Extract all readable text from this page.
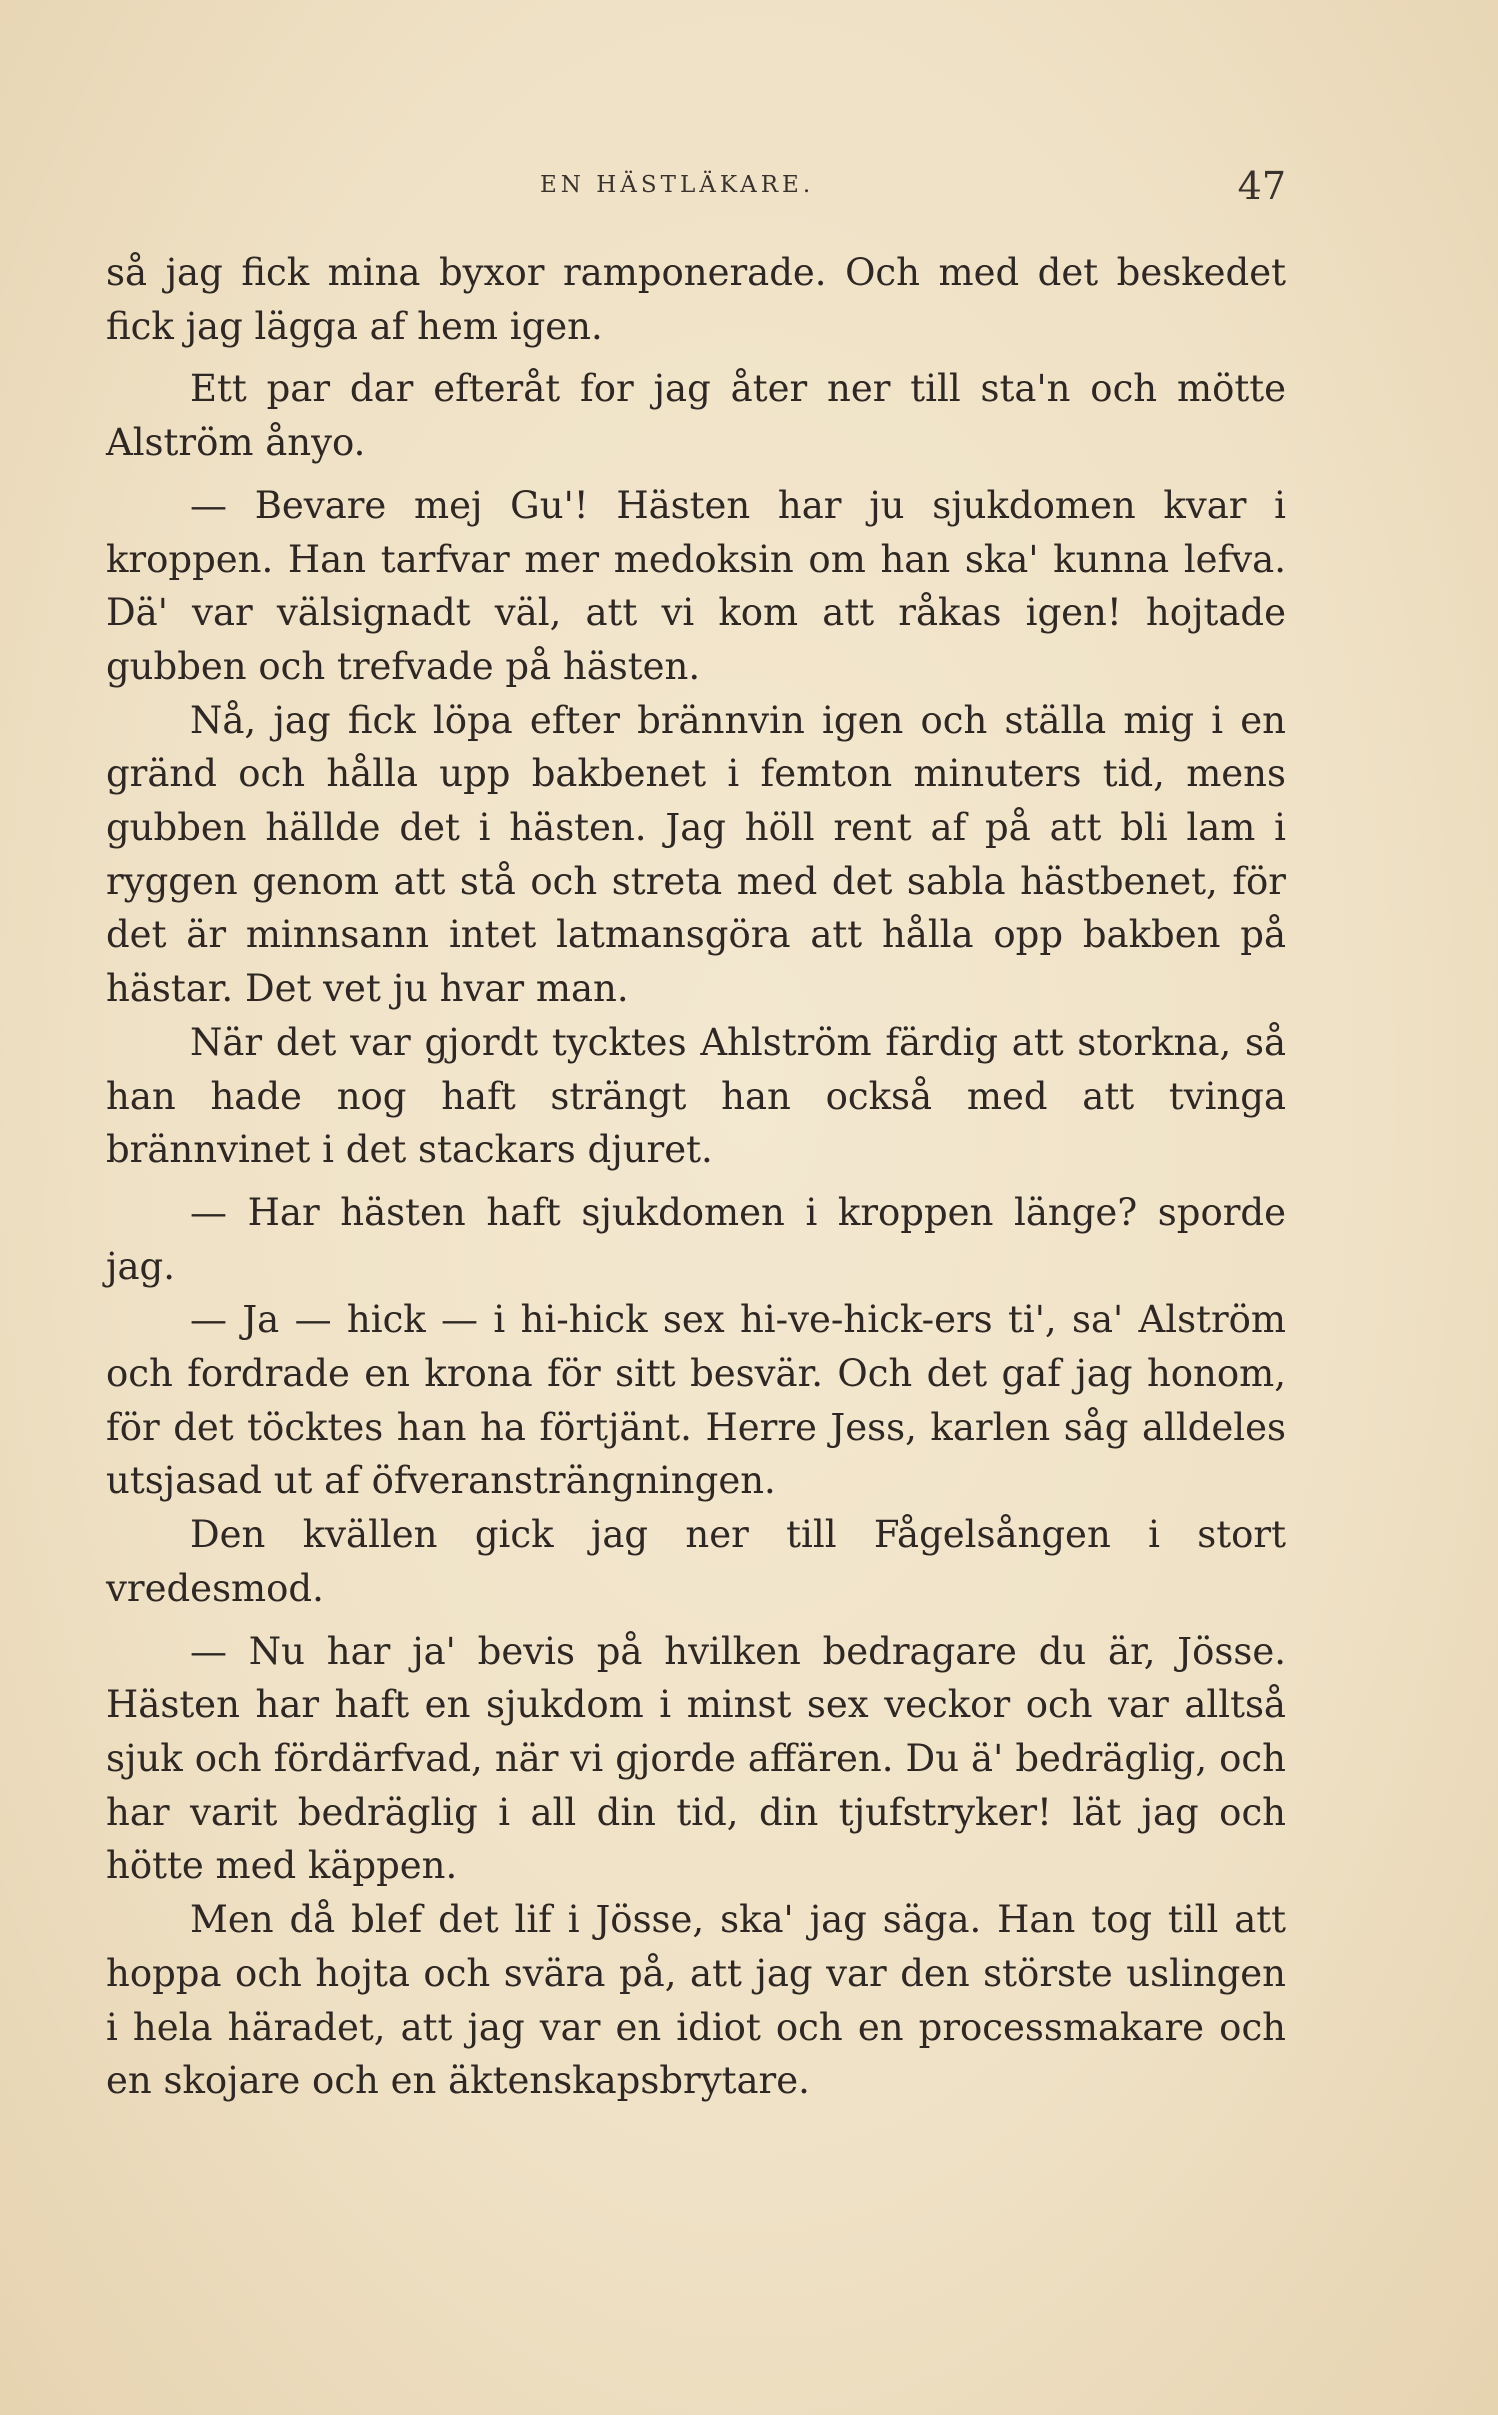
EN HÄSTLÄKARE.	47

så jag fick mina byxor ramponerade. Och med det beskedet fick jag lägga af hem igen.

Ett par dar efteråt for jag åter ner till sta'n och mötte Alström ånyo.

— Bevare mej Gu'! Hästen har ju sjukdomen kvar i kroppen. Han tarfvar mer medoksin om han ska' kunna lefva. Dä' var välsignadt väl, att vi kom att råkas igen! hojtade gubben och trefvade på hästen.

Nå, jag fick löpa efter brännvin igen och ställa mig i en gränd och hålla upp bakbenet i femton minuters tid, mens gubben hällde det i hästen. Jag höll rent af på att bli lam i ryggen genom att stå och streta med det sabla hästbenet, för det är minnsann intet latmansgöra att hålla opp bakben på hästar. Det vet ju hvar man.

När det var gjordt tycktes Ahlström färdig att storkna, så han hade nog haft strängt han också med att tvinga brännvinet i det stackars djuret.

— Har hästen haft sjukdomen i kroppen länge? sporde jag.

— Ja — hick — i hi-hick sex hi-ve-hick-ers ti', sa' Alström och fordrade en krona för sitt besvär. Och det gaf jag honom, för det töcktes han ha förtjänt. Herre Jess, karlen såg alldeles utsjasad ut af öfveransträngningen.

Den kvällen gick jag ner till Fågelsången i stort vredesmod.

— Nu har ja' bevis på hvilken bedragare du är, Jösse. Hästen har haft en sjukdom i minst sex veckor och var alltså sjuk och fördärfvad, när vi gjorde affären. Du ä' bedräglig, och har varit bedräglig i all din tid, din tjufstryker! lät jag och hötte med käppen.

Men då blef det lif i Jösse, ska' jag säga. Han tog till att hoppa och hojta och svära på, att jag var den störste uslingen i hela häradet, att jag var en idiot och en processmakare och en skojare och en äktenskapsbrytare.
